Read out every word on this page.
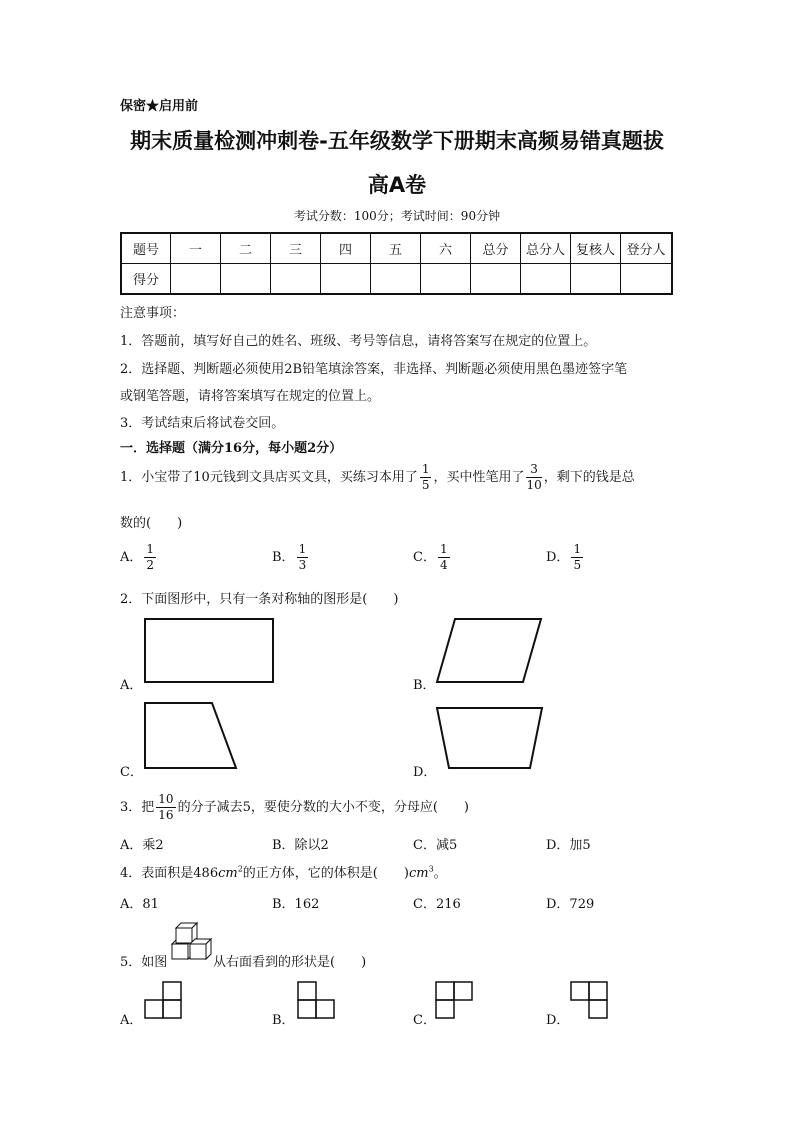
保密★启用前
期末质量检测冲刺卷-五年级数学下册期末高频易错真题拔
高A卷
考试分数：100分；考试时间：90分钟
题号	一	二	三	四	五	六	总分	总分人	复核人	登分人
得分										
注意事项：
1．答题前，填写好自己的姓名、班级、考号等信息，请将答案写在规定的位置上。
2．选择题、判断题必须使用2B铅笔填涂答案，非选择、判断题必须使用黑色墨迹签字笔
或钢笔答题，请将答案填写在规定的位置上。
3．考试结束后将试卷交回。
一．选择题（满分16分，每小题2分）
1．小宝带了10元钱到文具店买文具，买练习本用了 $\frac{1}{5}$ ，买中性笔用了 $\frac{3}{10}$ ，剩下的钱是总
数的(　　)
A． $\frac{1}{2}$	B． $\frac{1}{3}$	C． $\frac{1}{4}$	D． $\frac{1}{5}$
2．下面图形中，只有一条对称轴的图形是(　　)
A．	B．
C．	D．
3．把 $\frac{10}{16}$ 的分子减去5，要使分数的大小不变，分母应(　　)
A．乘2	B．除以2	C．减5	D．加5
4．表面积是$486cm^2$的正方体，它的体积是(　　)$cm^3$。
A．81	B．162	C．216	D．729
5．如图	从右面看到的形状是(　　)
A．	B．	C．	D．
